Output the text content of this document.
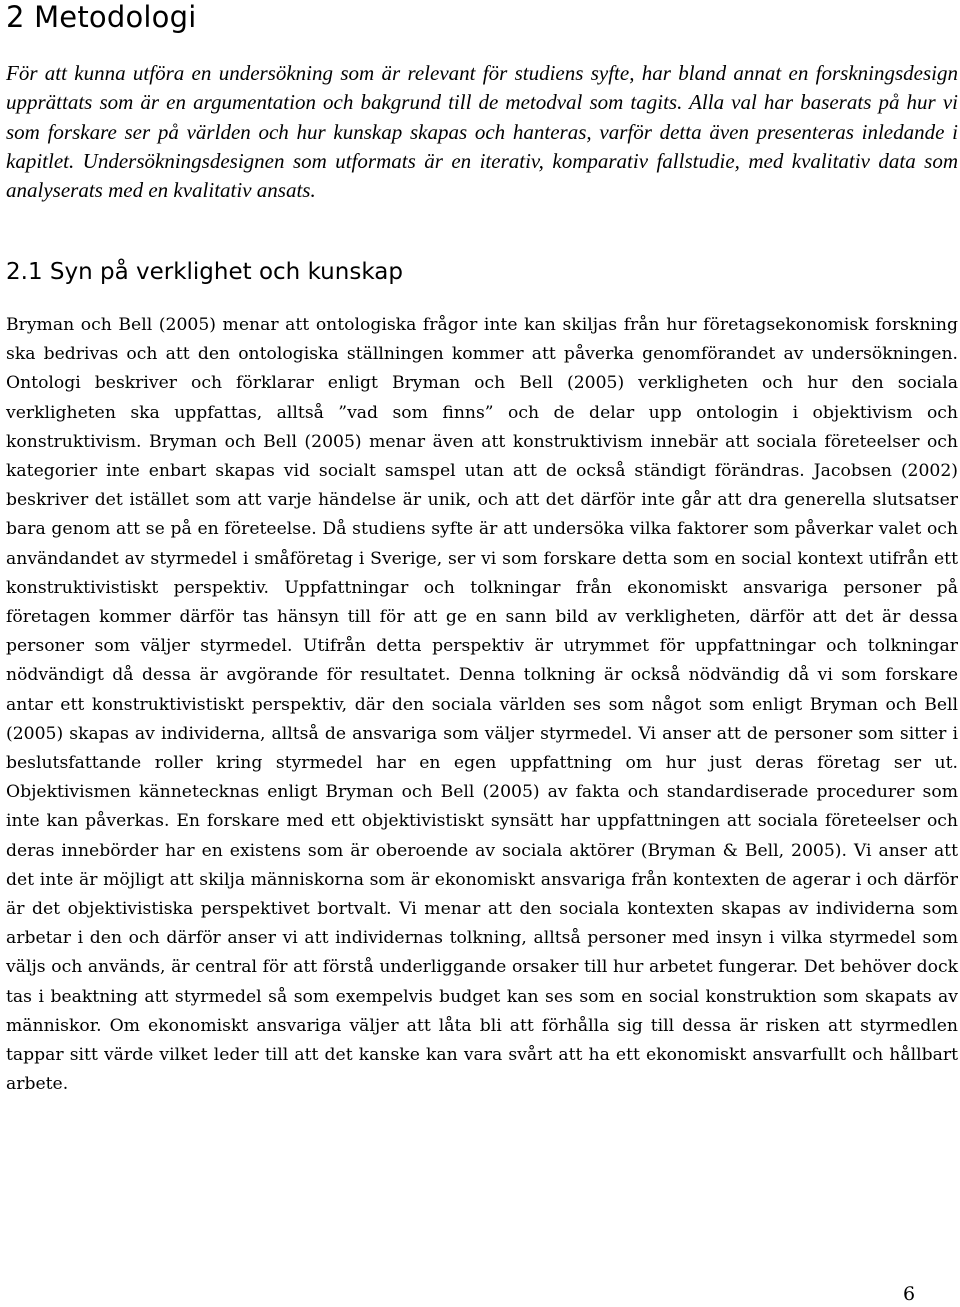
2 Metodologi

För att kunna utföra en undersökning som är relevant för studiens syfte, har bland annat en forskningsdesign upprättats som är en argumentation och bakgrund till de metodval som tagits. Alla val har baserats på hur vi som forskare ser på världen och hur kunskap skapas och hanteras, varför detta även presenteras inledande i kapitlet. Undersökningsdesignen som utformats är en iterativ, komparativ fallstudie, med kvalitativ data som analyserats med en kvalitativ ansats.

2.1 Syn på verklighet och kunskap

Bryman och Bell (2005) menar att ontologiska frågor inte kan skiljas från hur företagsekonomisk forskning ska bedrivas och att den ontologiska ställningen kommer att påverka genomförandet av undersökningen. Ontologi beskriver och förklarar enligt Bryman och Bell (2005) verkligheten och hur den sociala verkligheten ska uppfattas, alltså ”vad som finns” och de delar upp ontologin i objektivism och konstruktivism. Bryman och Bell (2005) menar även att konstruktivism innebär att sociala företeelser och kategorier inte enbart skapas vid socialt samspel utan att de också ständigt förändras. Jacobsen (2002) beskriver det istället som att varje händelse är unik, och att det därför inte går att dra generella slutsatser bara genom att se på en företeelse. Då studiens syfte är att undersöka vilka faktorer som påverkar valet och användandet av styrmedel i småföretag i Sverige, ser vi som forskare detta som en social kontext utifrån ett konstruktivistiskt perspektiv. Uppfattningar och tolkningar från ekonomiskt ansvariga personer på företagen kommer därför tas hänsyn till för att ge en sann bild av verkligheten, därför att det är dessa personer som väljer styrmedel. Utifrån detta perspektiv är utrymmet för uppfattningar och tolkningar nödvändigt då dessa är avgörande för resultatet. Denna tolkning är också nödvändig då vi som forskare antar ett konstruktivistiskt perspektiv, där den sociala världen ses som något som enligt Bryman och Bell (2005) skapas av individerna, alltså de ansvariga som väljer styrmedel. Vi anser att de personer som sitter i beslutsfattande roller kring styrmedel har en egen uppfattning om hur just deras företag ser ut. Objektivismen kännetecknas enligt Bryman och Bell (2005) av fakta och standardiserade procedurer som inte kan påverkas. En forskare med ett objektivistiskt synsätt har uppfattningen att sociala företeelser och deras innebörder har en existens som är oberoende av sociala aktörer (Bryman & Bell, 2005). Vi anser att det inte är möjligt att skilja människorna som är ekonomiskt ansvariga från kontexten de agerar i och därför är det objektivistiska perspektivet bortvalt. Vi menar att den sociala kontexten skapas av individerna som arbetar i den och därför anser vi att individernas tolkning, alltså personer med insyn i vilka styrmedel som väljs och används, är central för att förstå underliggande orsaker till hur arbetet fungerar. Det behöver dock tas i beaktning att styrmedel så som exempelvis budget kan ses som en social konstruktion som skapats av människor. Om ekonomiskt ansvariga väljer att låta bli att förhålla sig till dessa är risken att styrmedlen tappar sitt värde vilket leder till att det kanske kan vara svårt att ha ett ekonomiskt ansvarfullt och hållbart arbete.

6
